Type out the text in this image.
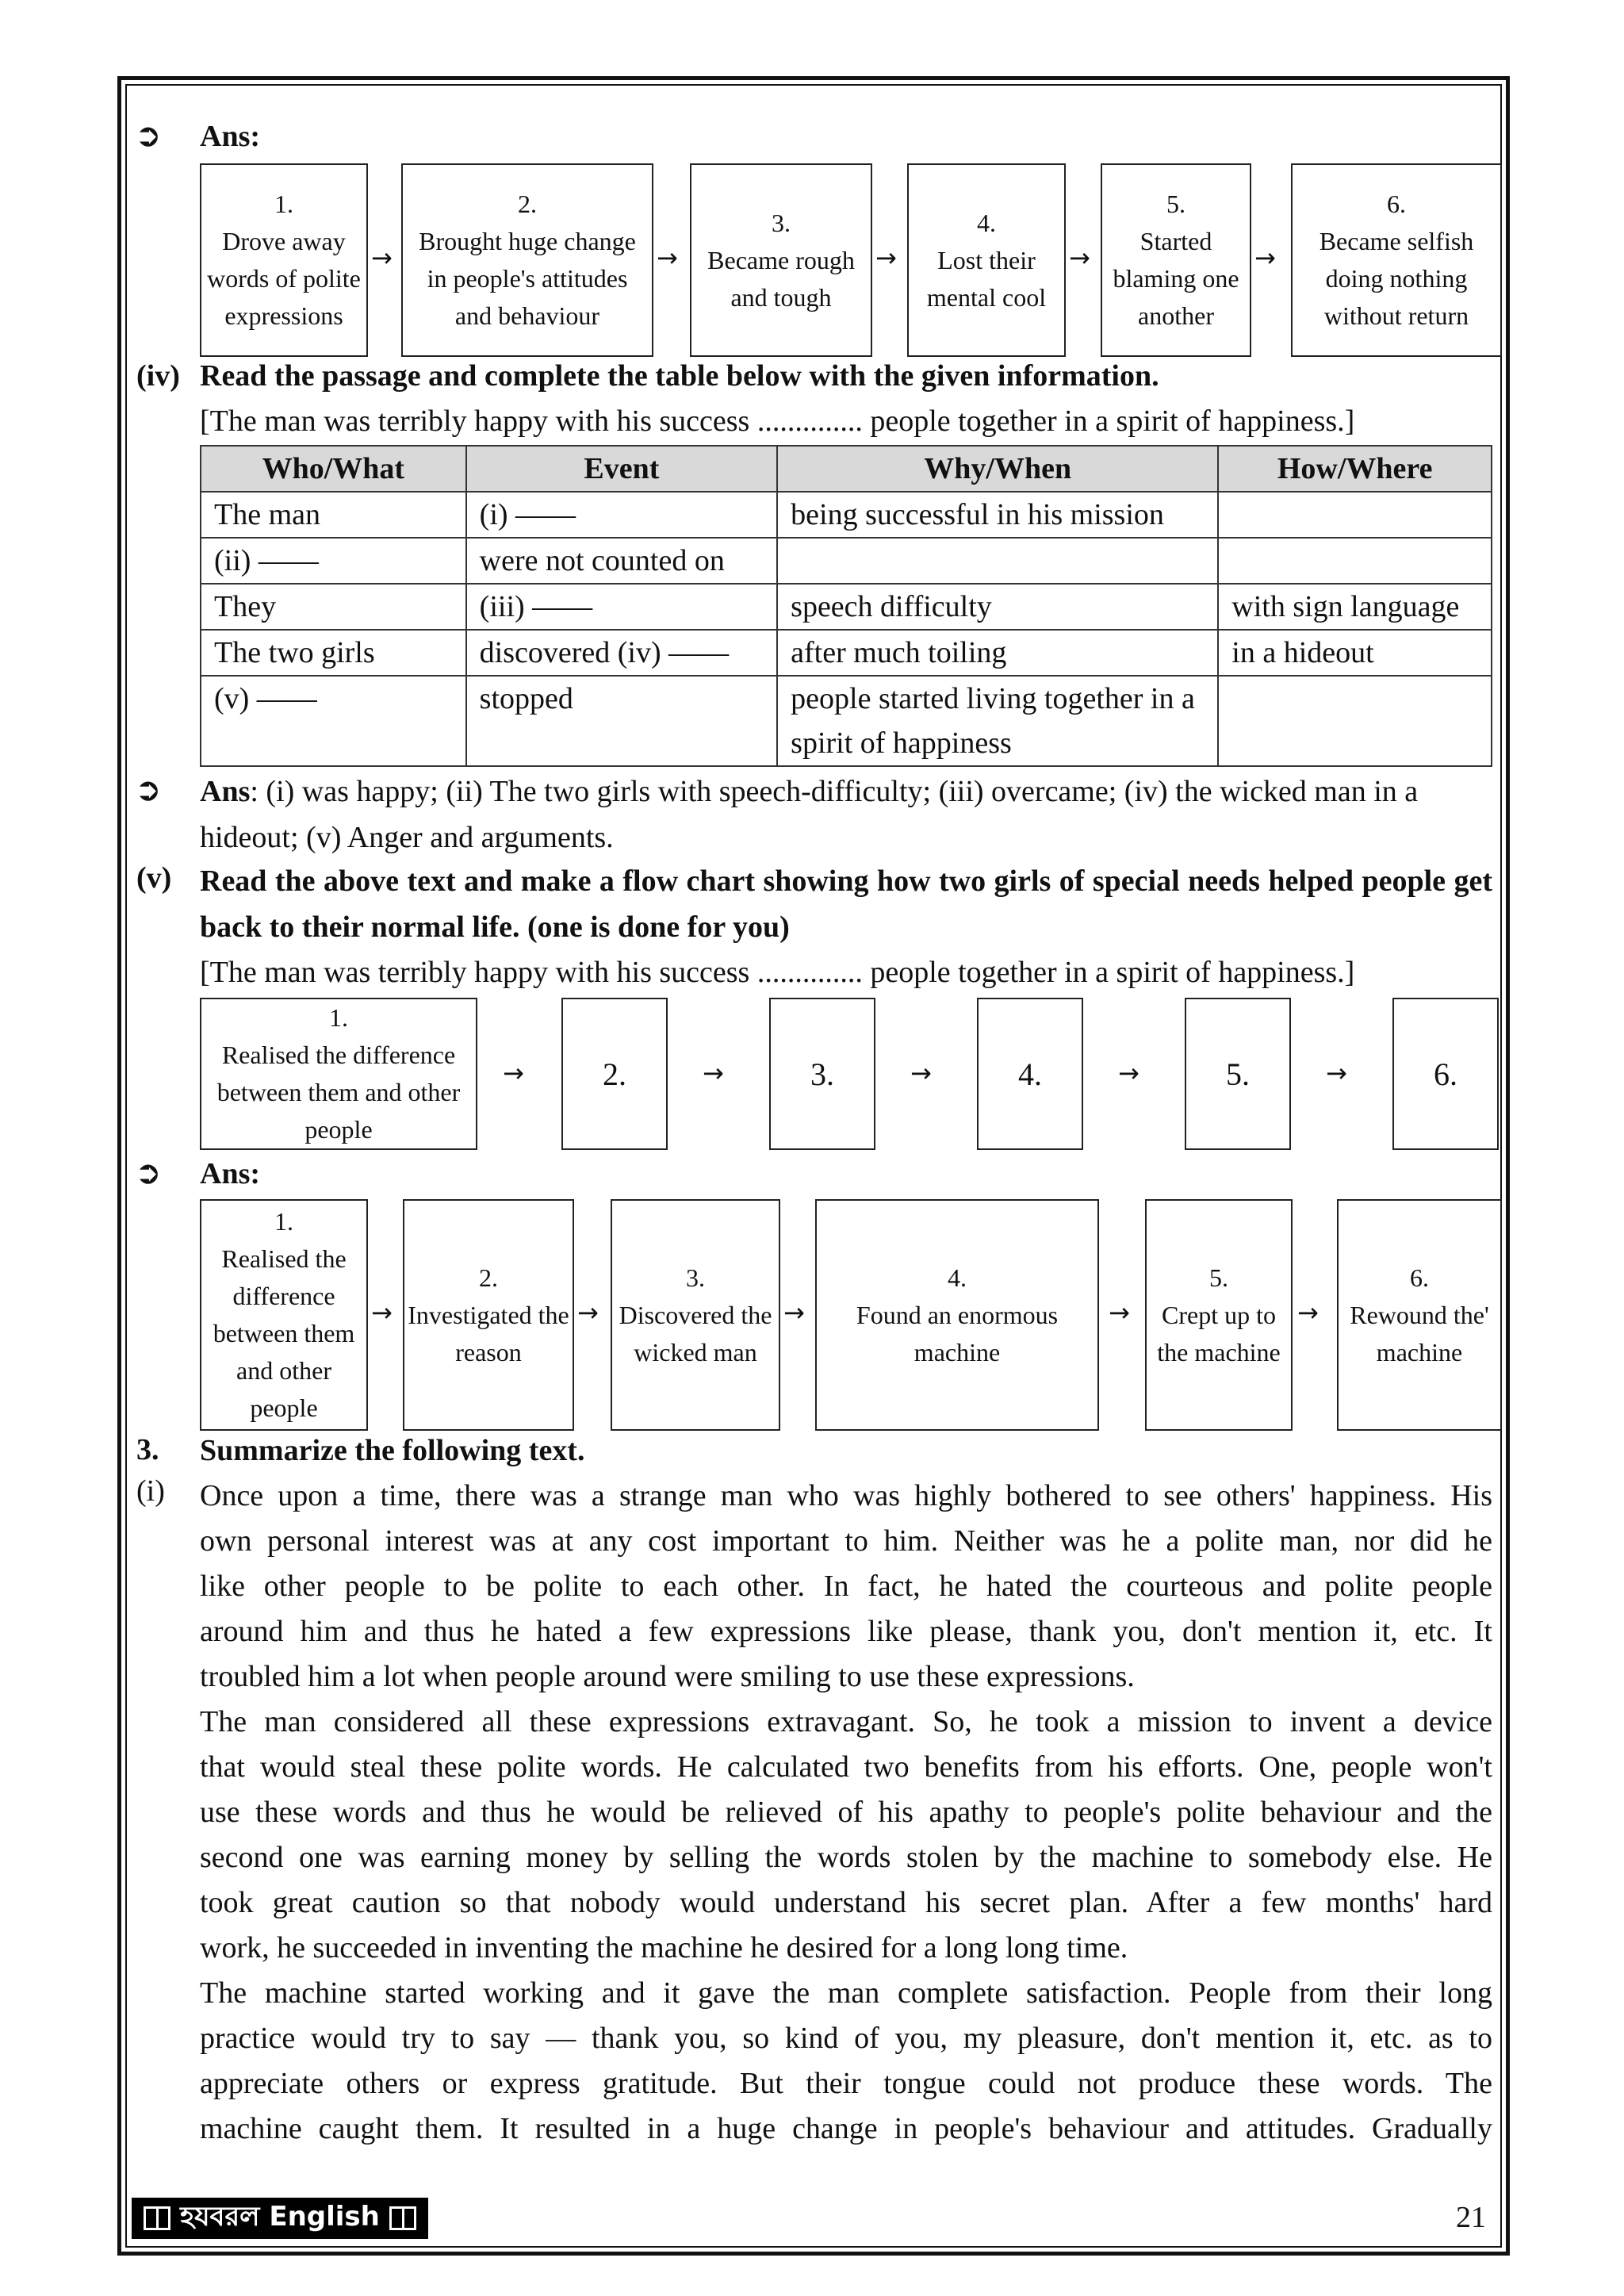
➲ Ans:
1.
Drove away words of polite expressions
→
2.
Brought huge change in people's attitudes and behaviour
→
3.
Became rough and tough
→
4.
Lost their mental cool
→
5.
Started blaming one another
→
6.
Became selfish doing nothing without return
(iv) Read the passage and complete the table below with the given information.
[The man was terribly happy with his success .............. people together in a spirit of happiness.]
Who/What	Event	Why/When	How/Where
The man	(i) ——	being successful in his mission	
(ii) ——	were not counted on		
They	(iii) ——	speech difficulty	with sign language
The two girls	discovered (iv) ——	after much toiling	in a hideout
(v) ——	stopped	people started living together in a spirit of happiness	
➲ Ans: (i) was happy; (ii) The two girls with speech-difficulty; (iii) overcame; (iv) the wicked man in a hideout; (v) Anger and arguments.
(v) Read the above text and make a flow chart showing how two girls of special needs helped people get back to their normal life. (one is done for you)
[The man was terribly happy with his success .............. people together in a spirit of happiness.]
1.
Realised the difference between them and other people
→	2.	→	3.	→	4.	→	5.	→	6.
➲ Ans:
1.
Realised the difference between them and other people
→
2.
Investigated the reason
→
3.
Discovered the wicked man
→
4.
Found an enormous machine
→
5.
Crept up to the machine
→
6.
Rewound the' machine
3. Summarize the following text.
(i) Once upon a time, there was a strange man who was highly bothered to see others' happiness. His
own personal interest was at any cost important to him. Neither was he a polite man, nor did he
like other people to be polite to each other. In fact, he hated the courteous and polite people
around him and thus he hated a few expressions like please, thank you, don't mention it, etc. It
troubled him a lot when people around were smiling to use these expressions.
The man considered all these expressions extravagant. So, he took a mission to invent a device
that would steal these polite words. He calculated two benefits from his efforts. One, people won't
use these words and thus he would be relieved of his apathy to people's polite behaviour and the
second one was earning money by selling the words stolen by the machine to somebody else. He
took great caution so that nobody would understand his secret plan. After a few months' hard
work, he succeeded in inventing the machine he desired for a long long time.
The machine started working and it gave the man complete satisfaction. People from their long
practice would try to say — thank you, so kind of you, my pleasure, don't mention it, etc. as to
appreciate others or express gratitude. But their tongue could not produce these words. The
machine caught them. It resulted in a huge change in people's behaviour and attitudes. Gradually
হযবরল English	21
